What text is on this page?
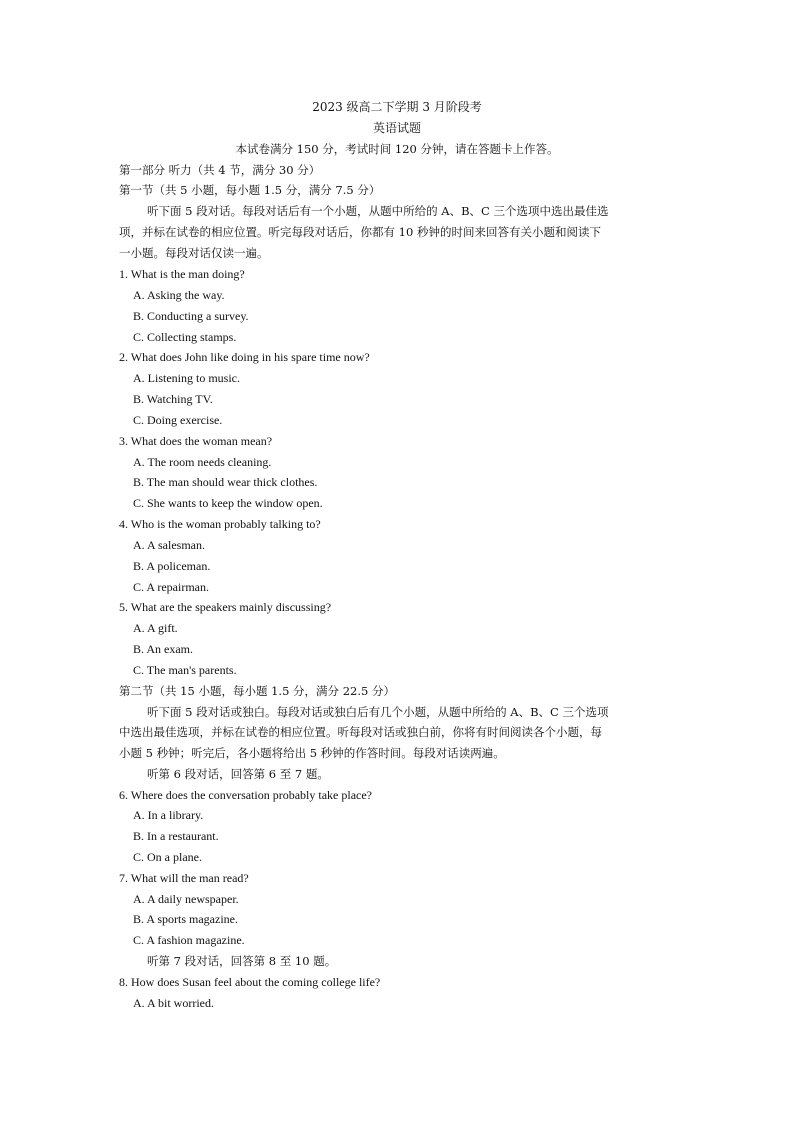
2023 级高二下学期 3 月阶段考
英语试题
本试卷满分 150 分，考试时间 120 分钟，请在答题卡上作答。
第一部分 听力（共 4 节，满分 30 分）
第一节（共 5 小题，每小题 1.5 分，满分 7.5 分）
听下面 5 段对话。每段对话后有一个小题，从题中所给的 A、B、C 三个选项中选出最佳选
项，并标在试卷的相应位置。听完每段对话后，你都有 10 秒钟的时间来回答有关小题和阅读下
一小题。每段对话仅读一遍。
1. What is the man doing?
A. Asking the way.
B. Conducting a survey.
C. Collecting stamps.
2. What does John like doing in his spare time now?
A. Listening to music.
B. Watching TV.
C. Doing exercise.
3. What does the woman mean?
A. The room needs cleaning.
B. The man should wear thick clothes.
C. She wants to keep the window open.
4. Who is the woman probably talking to?
A. A salesman.
B. A policeman.
C. A repairman.
5. What are the speakers mainly discussing?
A. A gift.
B. An exam.
C. The man's parents.
第二节（共 15 小题，每小题 1.5 分，满分 22.5 分）
听下面 5 段对话或独白。每段对话或独白后有几个小题，从题中所给的 A、B、C 三个选项
中选出最佳选项，并标在试卷的相应位置。听每段对话或独白前，你将有时间阅读各个小题，每
小题 5 秒钟；听完后，各小题将给出 5 秒钟的作答时间。每段对话读两遍。
听第 6 段对话，回答第 6 至 7 题。
6. Where does the conversation probably take place?
A. In a library.
B. In a restaurant.
C. On a plane.
7. What will the man read?
A. A daily newspaper.
B. A sports magazine.
C. A fashion magazine.
听第 7 段对话，回答第 8 至 10 题。
8. How does Susan feel about the coming college life?
A. A bit worried.
